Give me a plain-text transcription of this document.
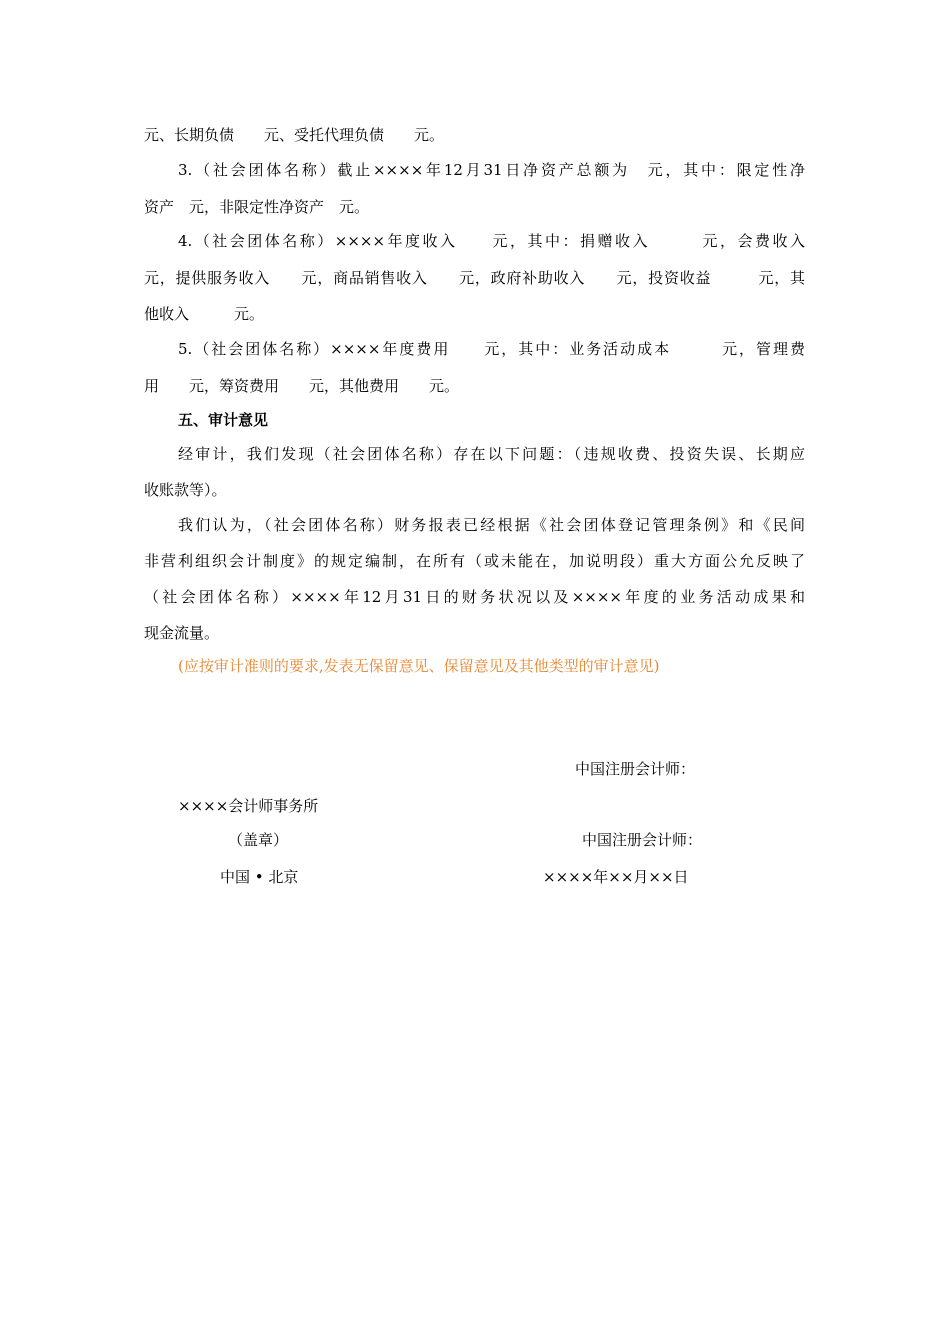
元、长期负债　　元、受托代理负债　　元。
3.（社会团体名称）截止××××年12月31日净资产总额为　元，其中：限定性净
资产　元，非限定性净资产　元。
4.（社会团体名称）××××年度收入　　元，其中：捐赠收入　　　元，会费收入
元，提供服务收入　　元，商品销售收入　　元，政府补助收入　　元，投资收益　　　元，其
他收入　　　元。
5.（社会团体名称）××××年度费用　　元，其中：业务活动成本　　　元，管理费
用　　元，筹资费用　　元，其他费用　　元。
五、审计意见
经审计，我们发现（社会团体名称）存在以下问题：（违规收费、投资失误、长期应
收账款等）。
我们认为，（社会团体名称）财务报表已经根据《社会团体登记管理条例》和《民间
非营利组织会计制度》的规定编制，在所有（或未能在，加说明段）重大方面公允反映了
（社会团体名称）××××年12月31日的财务状况以及××××年度的业务活动成果和
现金流量。
(应按审计准则的要求,发表无保留意见、保留意见及其他类型的审计意见)
中国注册会计师：
××××会计师事务所
（盖章）	中国注册会计师：
中国 • 北京	××××年××月××日
